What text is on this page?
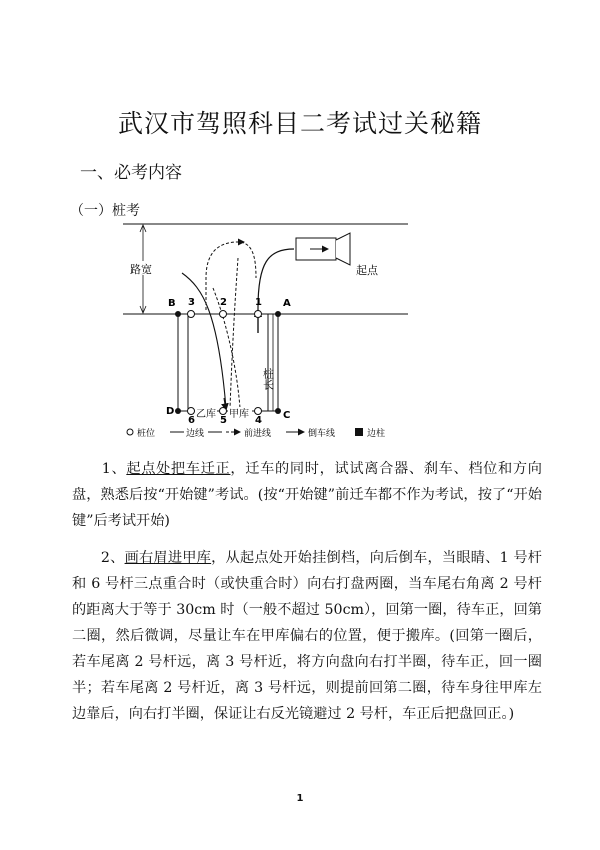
武汉市驾照科目二考试过关秘籍
一、必考内容
（一）桩考
路宽	起点
桩长
B	A
D	C
3	2	1
6	5	4
乙库 甲库
桩位	边线	前进线	倒车线	边柱
　　1、起点处把车迁正，迁车的同时，试试离合器、刹车、档位和方向盘，熟悉后按“开始键”考试。(按“开始键”前迁车都不作为考试，按了“开始键”后考试开始)
　　2、画右眉进甲库，从起点处开始挂倒档，向后倒车，当眼睛、1 号杆和 6 号杆三点重合时（或快重合时）向右打盘两圈，当车尾右角离 2 号杆的距离大于等于 30cm 时（一般不超过 50cm），回第一圈，待车正，回第二圈，然后微调，尽量让车在甲库偏右的位置，便于搬库。(回第一圈后，若车尾离 2 号杆远，离 3 号杆近，将方向盘向右打半圈，待车正，回一圈半；若车尾离 2 号杆近，离 3 号杆远，则提前回第二圈，待车身往甲库左边靠后，向右打半圈，保证让右反光镜避过 2 号杆，车正后把盘回正。)
1
